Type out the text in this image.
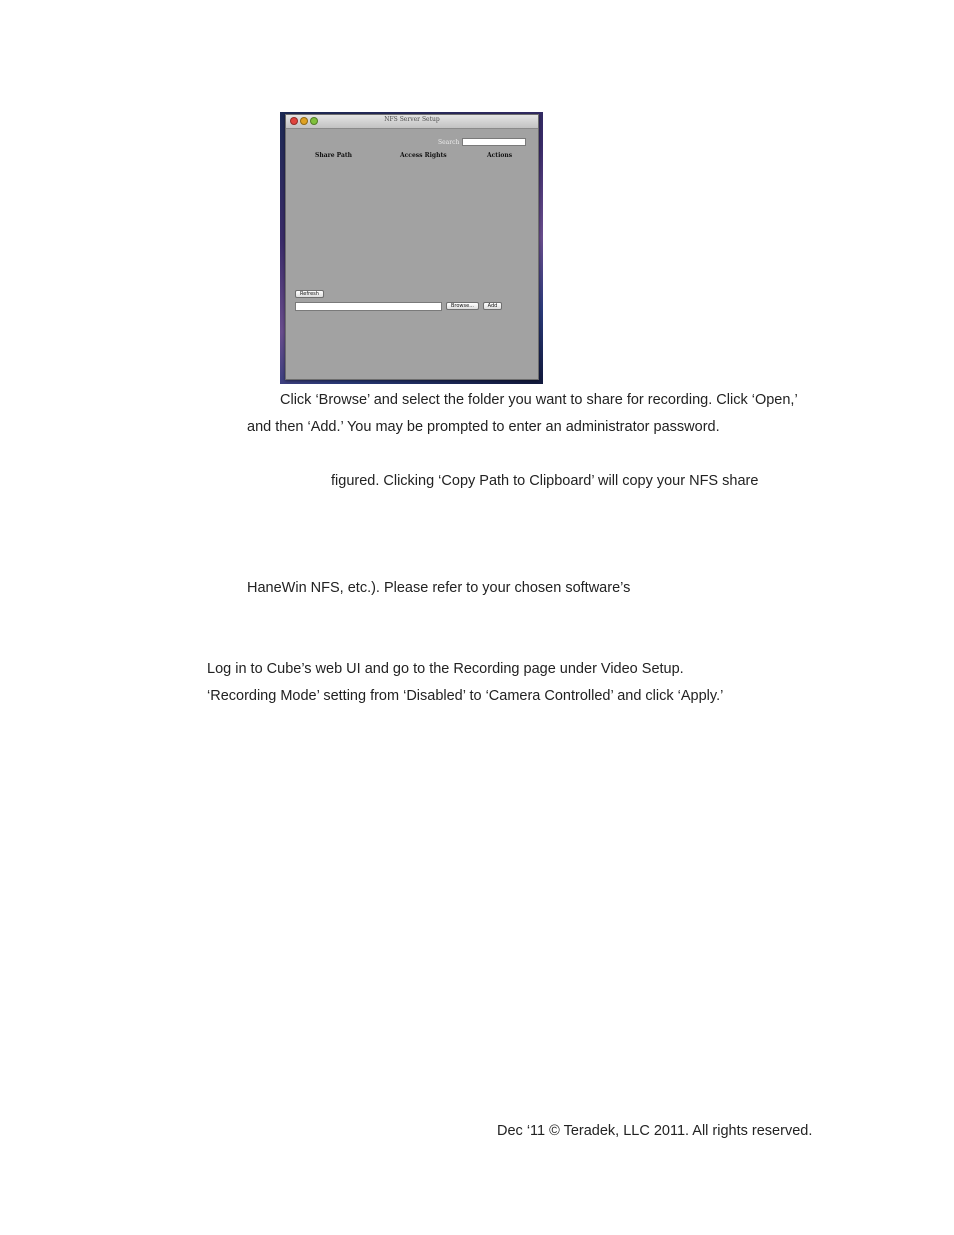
NFS Server Setup
Search
Share Path	Access Rights	Actions
Refresh
Browse...	Add
Click ‘Browse’ and select the folder you want to share for recording. Click ‘Open,’
and then ‘Add.’ You may be prompted to enter an administrator password.
figured. Clicking ‘Copy Path to Clipboard’ will copy your NFS share
HaneWin NFS, etc.). Please refer to your chosen software’s
Log in to Cube’s web UI and go to the Recording page under Video Setup.
‘Recording Mode’ setting from ‘Disabled’ to ‘Camera Controlled’ and click ‘Apply.’
Dec ‘11 © Teradek, LLC 2011. All rights reserved.
